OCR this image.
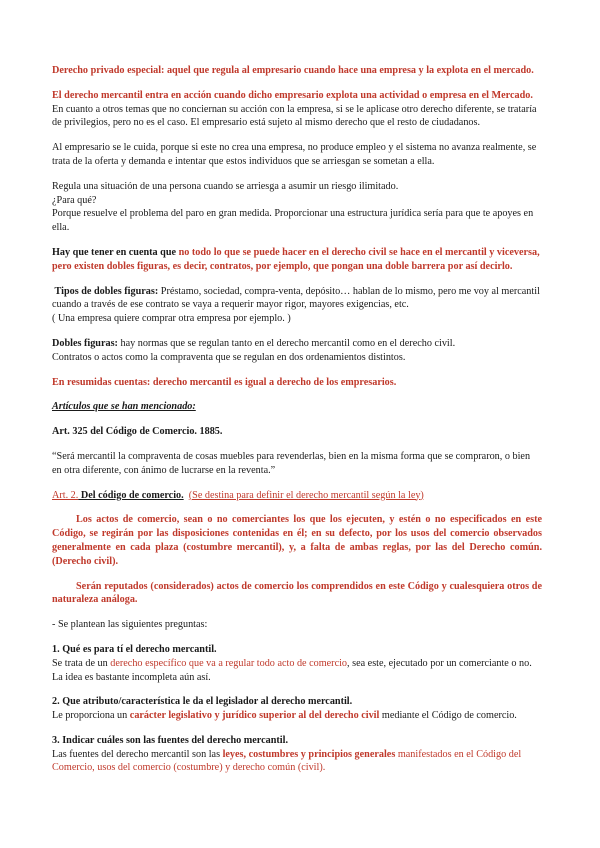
Derecho privado especial: aquel que regula al empresario cuando hace una empresa y la explota en el mercado.

El derecho mercantil entra en acción cuando dicho empresario explota una actividad o empresa en el Mercado. En cuanto a otros temas que no conciernan su acción con la empresa, si se le aplicase otro derecho diferente, se trataría de privilegios, pero no es el caso. El empresario está sujeto al mismo derecho que el resto de ciudadanos.

Al empresario se le cuida, porque si este no crea una empresa, no produce empleo y el sistema no avanza realmente, se trata de la oferta y demanda e intentar que estos individuos que se arriesgan se sometan a ella.

Regula una situación de una persona cuando se arriesga a asumir un riesgo ilimitado.
¿Para qué?
Porque resuelve el problema del paro en gran medida. Proporcionar una estructura jurídica sería para que te apoyes en ella.

Hay que tener en cuenta que no todo lo que se puede hacer en el derecho civil se hace en el mercantil y viceversa, pero existen dobles figuras, es decir, contratos, por ejemplo, que pongan una doble barrera por así decirlo.

Tipos de dobles figuras: Préstamo, sociedad, compra-venta, depósito… hablan de lo mismo, pero me voy al mercantil cuando a través de ese contrato se vaya a requerir mayor rigor, mayores exigencias, etc.
( Una empresa quiere comprar otra empresa por ejemplo. )

Dobles figuras: hay normas que se regulan tanto en el derecho mercantil como en el derecho civil.
Contratos o actos como la compraventa que se regulan en dos ordenamientos distintos.

En resumidas cuentas: derecho mercantil es igual a derecho de los empresarios.

Artículos que se han mencionado:

Art. 325 del Código de Comercio. 1885.

“Será mercantil la compraventa de cosas muebles para revenderlas, bien en la misma forma que se compraron, o bien en otra diferente, con ánimo de lucrarse en la reventa.”

Art. 2. Del código de comercio. (Se destina para definir el derecho mercantil según la ley)

Los actos de comercio, sean o no comerciantes los que los ejecuten, y estén o no especificados en este Código, se regirán por las disposiciones contenidas en él; en su defecto, por los usos del comercio observados generalmente en cada plaza (costumbre mercantil), y, a falta de ambas reglas, por las del Derecho común. (Derecho civil).

Serán reputados (considerados) actos de comercio los comprendidos en este Código y cualesquiera otros de naturaleza análoga.

- Se plantean las siguientes preguntas:

1. Qué es para tí el derecho mercantil.
Se trata de un derecho específico que va a regular todo acto de comercio, sea este, ejecutado por un comerciante o no.
La idea es bastante incompleta aún así.

2. Que atributo/característica le da el legislador al derecho mercantil.
Le proporciona un carácter legislativo y jurídico superior al del derecho civil mediante el Código de comercio.

3. Indicar cuáles son las fuentes del derecho mercantil.
Las fuentes del derecho mercantil son las leyes, costumbres y principios generales manifestados en el Código del Comercio, usos del comercio (costumbre) y derecho común (civil).
